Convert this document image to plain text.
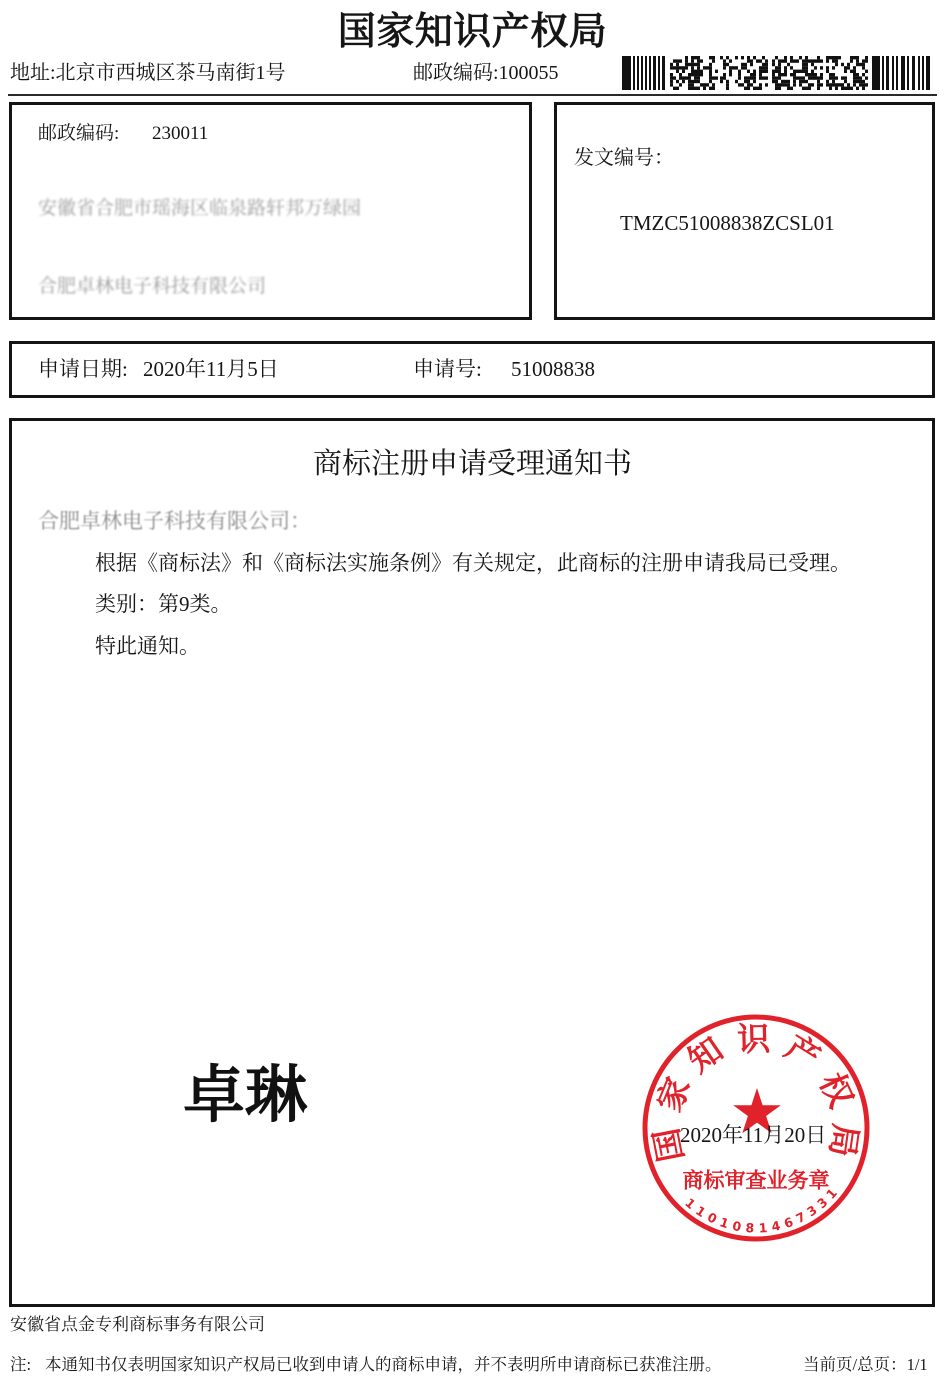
国家知识产权局
地址:北京市西城区茶马南街1号	邮政编码:100055
邮政编码: 230011
安徽省合肥市瑶海区临泉路轩邦万绿园
合肥卓林电子科技有限公司
发文编号：
TMZC51008838ZCSL01
申请日期: 2020年11月5日	申请号: 51008838
商标注册申请受理通知书
合肥卓林电子科技有限公司：
根据《商标法》和《商标法实施条例》有关规定，此商标的注册申请我局已受理。
类别：第9类。
特此通知。
卓琳
2020年11月20日
商标审查业务章
国
家
知 识 产
权
局
1
1
0
1 0 8 1 4 6
7
3
3
1
安徽省点金专利商标事务有限公司
注: 本通知书仅表明国家知识产权局已收到申请人的商标申请，并不表明所申请商标已获准注册。	当前页/总页：1/1
